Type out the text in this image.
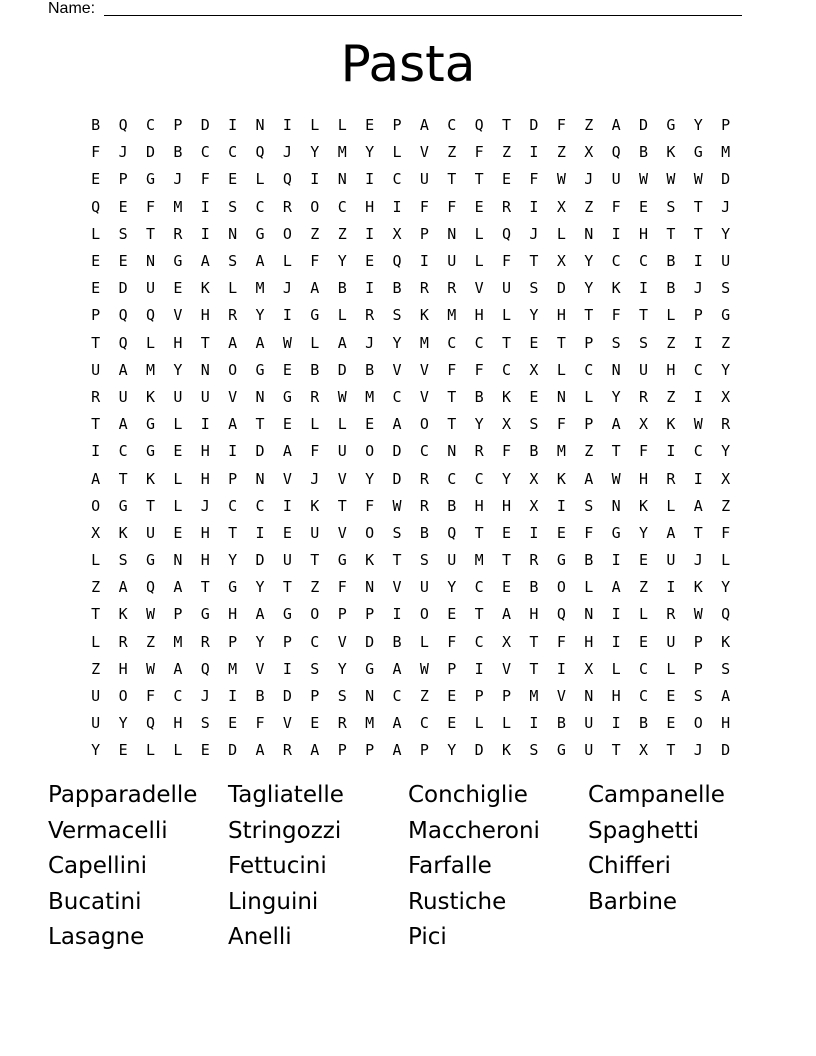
Name:
Pasta
B	Q	C	P	D	I	N	I	L	L	E	P	A	C	Q	T	D	F	Z	A	D	G	Y	P
F	J	D	B	C	C	Q	J	Y	M	Y	L	V	Z	F	Z	I	Z	X	Q	B	K	G	M
E	P	G	J	F	E	L	Q	I	N	I	C	U	T	T	E	F	W	J	U	W	W	W	D
Q	E	F	M	I	S	C	R	O	C	H	I	F	F	E	R	I	X	Z	F	E	S	T	J
L	S	T	R	I	N	G	O	Z	Z	I	X	P	N	L	Q	J	L	N	I	H	T	T	Y
E	E	N	G	A	S	A	L	F	Y	E	Q	I	U	L	F	T	X	Y	C	C	B	I	U
E	D	U	E	K	L	M	J	A	B	I	B	R	R	V	U	S	D	Y	K	I	B	J	S
P	Q	Q	V	H	R	Y	I	G	L	R	S	K	M	H	L	Y	H	T	F	T	L	P	G
T	Q	L	H	T	A	A	W	L	A	J	Y	M	C	C	T	E	T	P	S	S	Z	I	Z
U	A	M	Y	N	O	G	E	B	D	B	V	V	F	F	C	X	L	C	N	U	H	C	Y
R	U	K	U	U	V	N	G	R	W	M	C	V	T	B	K	E	N	L	Y	R	Z	I	X
T	A	G	L	I	A	T	E	L	L	E	A	O	T	Y	X	S	F	P	A	X	K	W	R
I	C	G	E	H	I	D	A	F	U	O	D	C	N	R	F	B	M	Z	T	F	I	C	Y
A	T	K	L	H	P	N	V	J	V	Y	D	R	C	C	Y	X	K	A	W	H	R	I	X
O	G	T	L	J	C	C	I	K	T	F	W	R	B	H	H	X	I	S	N	K	L	A	Z
X	K	U	E	H	T	I	E	U	V	O	S	B	Q	T	E	I	E	F	G	Y	A	T	F
L	S	G	N	H	Y	D	U	T	G	K	T	S	U	M	T	R	G	B	I	E	U	J	L
Z	A	Q	A	T	G	Y	T	Z	F	N	V	U	Y	C	E	B	O	L	A	Z	I	K	Y
T	K	W	P	G	H	A	G	O	P	P	I	O	E	T	A	H	Q	N	I	L	R	W	Q
L	R	Z	M	R	P	Y	P	C	V	D	B	L	F	C	X	T	F	H	I	E	U	P	K
Z	H	W	A	Q	M	V	I	S	Y	G	A	W	P	I	V	T	I	X	L	C	L	P	S
U	O	F	C	J	I	B	D	P	S	N	C	Z	E	P	P	M	V	N	H	C	E	S	A
U	Y	Q	H	S	E	F	V	E	R	M	A	C	E	L	L	I	B	U	I	B	E	O	H
Y	E	L	L	E	D	A	R	A	P	P	A	P	Y	D	K	S	G	U	T	X	T	J	D
Papparadelle	Tagliatelle	Conchiglie	Campanelle
Vermacelli	Stringozzi	Maccheroni	Spaghetti
Capellini	Fettucini	Farfalle	Chifferi
Bucatini	Linguini	Rustiche	Barbine
Lasagne	Anelli	Pici
